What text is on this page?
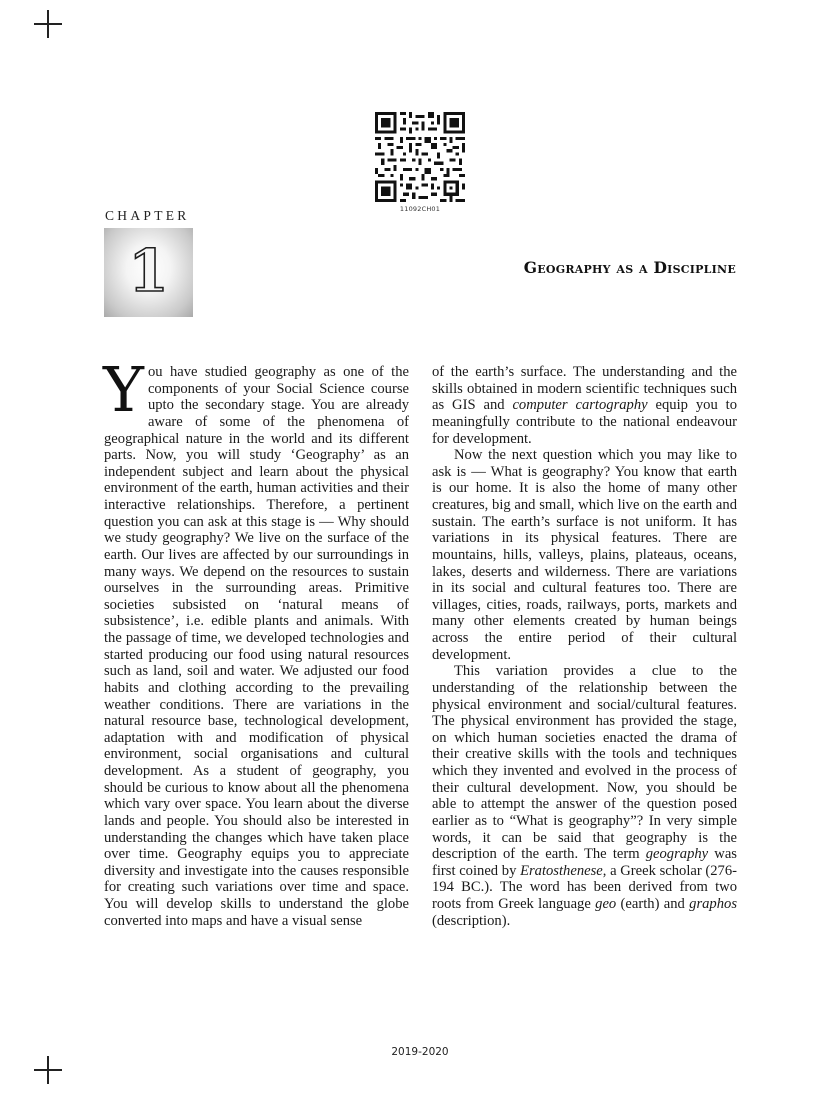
11092CH01
CHAPTER
1	Geography as a Discipline

You have studied geography as one of the components of your Social Science course upto the secondary stage. You are already aware of some of the phenomena of geographical nature in the world and its different parts. Now, you will study ‘Geography’ as an independent subject and learn about the physical environment of the earth, human activities and their interactive relationships. Therefore, a pertinent question you can ask at this stage is — Why should we study geography? We live on the surface of the earth. Our lives are affected by our surroundings in many ways. We depend on the resources to sustain ourselves in the surrounding areas. Primitive societies subsisted on ‘natural means of subsistence’, i.e. edible plants and animals. With the passage of time, we developed technologies and started producing our food using natural resources such as land, soil and water. We adjusted our food habits and clothing according to the prevailing weather conditions. There are variations in the natural resource base, technological development, adaptation with and modification of physical environment, social organisations and cultural development. As a student of geography, you should be curious to know about all the phenomena which vary over space. You learn about the diverse lands and people. You should also be interested in understanding the changes which have taken place over time. Geography equips you to appreciate diversity and investigate into the causes responsible for creating such variations over time and space. You will develop skills to understand the globe converted into maps and have a visual sense

of the earth’s surface. The understanding and the skills obtained in modern scientific techniques such as GIS and computer cartography equip you to meaningfully contribute to the national endeavour for development.

Now the next question which you may like to ask is — What is geography? You know that earth is our home. It is also the home of many other creatures, big and small, which live on the earth and sustain. The earth’s surface is not uniform. It has variations in its physical features. There are mountains, hills, valleys, plains, plateaus, oceans, lakes, deserts and wilderness. There are variations in its social and cultural features too. There are villages, cities, roads, railways, ports, markets and many other elements created by human beings across the entire period of their cultural development.

This variation provides a clue to the understanding of the relationship between the physical environment and social/cultural features. The physical environment has provided the stage, on which human societies enacted the drama of their creative skills with the tools and techniques which they invented and evolved in the process of their cultural development. Now, you should be able to attempt the answer of the question posed earlier as to “What is geography”? In very simple words, it can be said that geography is the description of the earth. The term geography was first coined by Eratosthenese, a Greek scholar (276-194 BC.). The word has been derived from two roots from Greek language geo (earth) and graphos (description).

2019-2020
